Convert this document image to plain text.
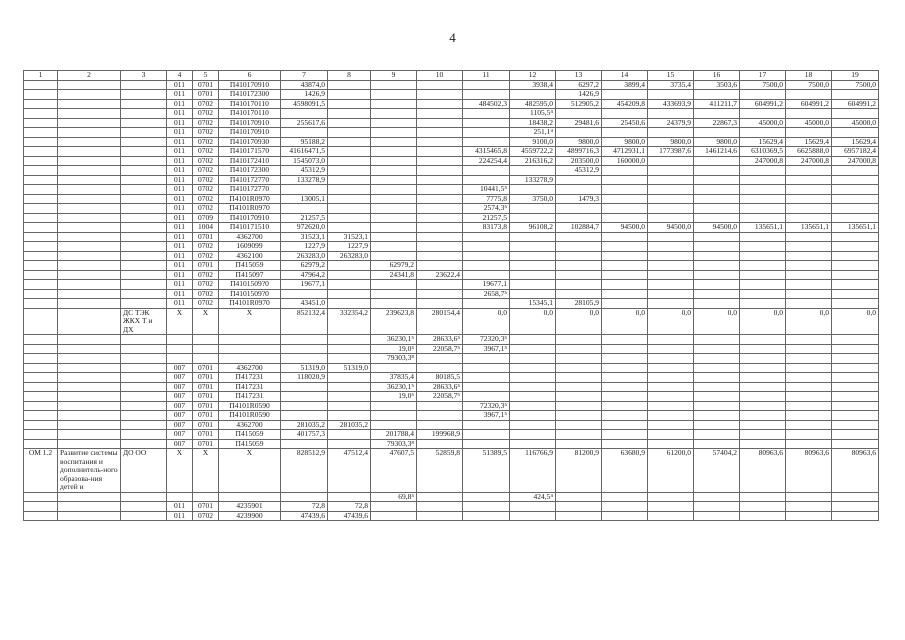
4
1	2	3	4	5	6	7	8	9	10	11	12	13	14	15	16	17	18	19
			011	0701	П410170910	43874,0					3938,4	6297,2	3899,4	3735,4	3503,6	7500,0	7500,0	7500,0
			011	0701	П410172300	1426,9						1426,9						
			011	0702	П410170110	4598091,5				484502,3	482595,0	512905,2	454209,8	433693,9	411211,7	604991,2	604991,2	604991,2
			011	0702	П410170110						1105,5⁴							
			011	0702	П410170910	255617,6					18438,2	29481,6	25450,6	24379,9	22867,3	45000,0	45000,0	45000,0
			011	0702	П410170910						251,1⁴							
			011	0702	П410170930	95188,2					9100,0	9800,0	9800,0	9800,0	9800,0	15629,4	15629,4	15629,4
			011	0702	П410171570	41616471,5				4315465,8	4559722,2	4899716,3	4712931,1	1773987,6	1461214,6	6310369,5	6625888,0	6957182,4
			011	0702	П410172410	1545073,0				224254,4	216316,2	203500,0	160000,0			247000,8	247000,8	247000,8
			011	0702	П410172300	45312,9						45312,9						
			011	0702	П410172770	133278,9					133278,9							
			011	0702	П410172770					10441,5⁵								
			011	0702	П4101R0970	13005,1				7775,8	3750,0	1479,3						
			011	0702	П4101R0970					2574,3⁵								
			011	0709	П410170910	21257,5				21257,5								
			011	1004	П410171510	972620,0				83173,8	96108,2	102884,7	94500,0	94500,0	94500,0	135651,1	135651,1	135651,1
			011	0701	4362700	31523,1	31523,1											
			011	0702	1609099	1227,9	1227,9											
			011	0702	4362100	263283,0	263283,0											
			011	0701	П415059	62979,2		62979,2										
			011	0702	П415097	47964,2		24341,8	23622,4									
			011	0702	П4101509?0	19677,1				19677,1								
			011	0702	П4101509?0					2658,7⁵								
			011	0702	П4101R0970	43451,0					15345,1	28105,9						
		ДС ТЭК ЖКХ Т и ДХ	X	X	X	852132,4	332354,2	239623,8	280154,4	0,0	0,0	0,0	0,0	0,0	0,0	0,0	0,0	0,0
								36230,1⁵	28633,6⁵	72320,3⁵								
								19,0⁵	22058,7⁵	3967,1⁵								
								79303,3⁸										
			007	0701	4362700	51319,0	51319,0											
			007	0701	П417231	118020,9		37835,4	80185,5									
			007	0701	П417231			36230,1⁵	28633,6⁵									
			007	0701	П417231			19,0⁵	22058,7⁵									
			007	0701	П4101R0590					72320,3⁵								
			007	0701	П4101R0590					3967,1⁵								
			007	0701	4362700	281035,2	281035,2											
			007	0701	П415059	401757,3		201788,4	199968,9									
			007	0701	П415059			79303,3⁸										
ОМ 1.2	Развитие системы воспитания и дополнитель-ного образова-ния детей и	ДО ОО	X	X	X	828512,9	47512,4	47607,5	52859,8	51389,5	116766,9	81200,9	63680,9	61200,0	57404,2	80963,6	80963,6	80963,6
								69,8⁵			424,5⁴							
			011	0701	4235901	72,8	72,8											
			011	0702	4239900	47439,6	47439,6											
